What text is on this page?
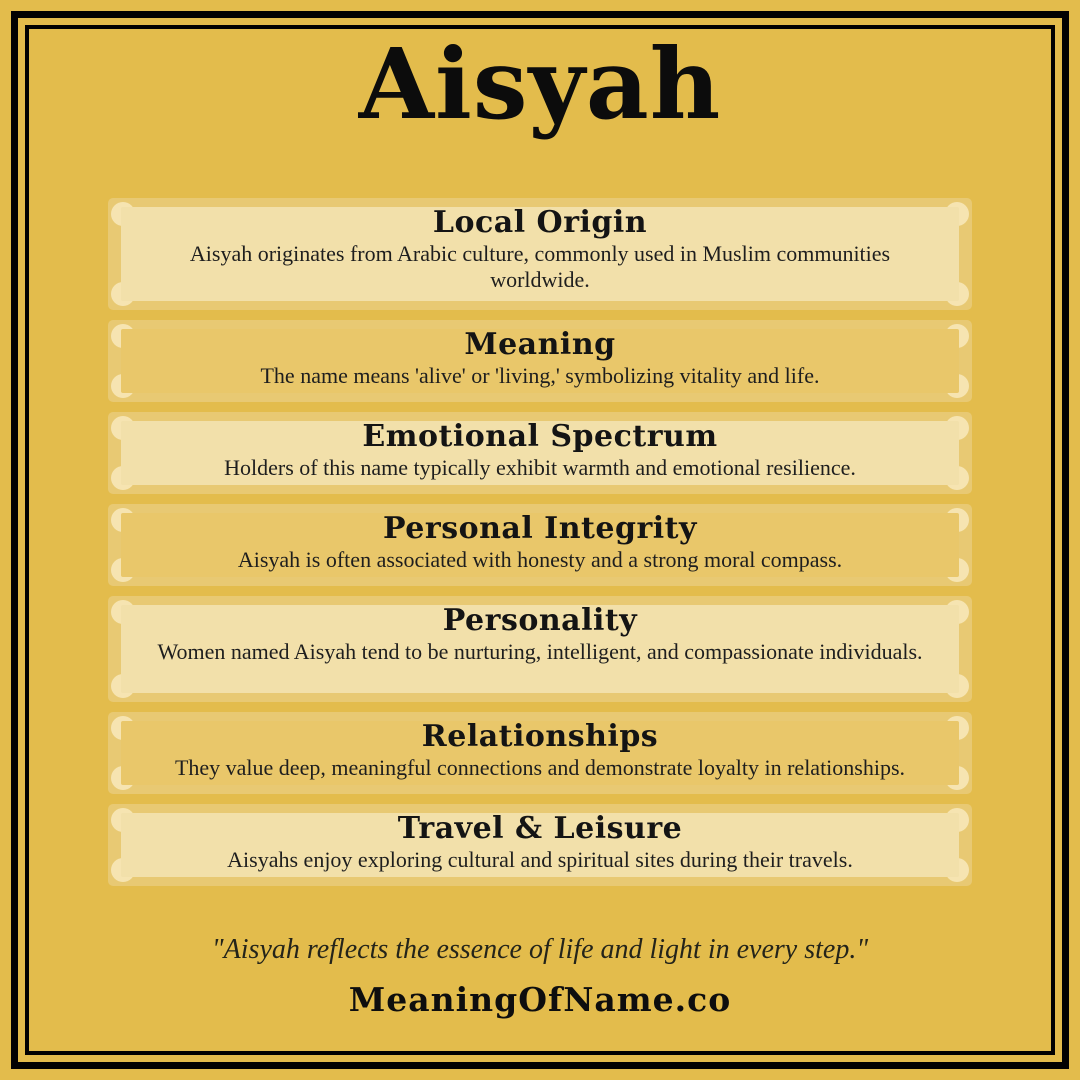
Aisyah
Local Origin
Aisyah originates from Arabic culture, commonly used in Muslim communities worldwide.
Meaning
The name means 'alive' or 'living,' symbolizing vitality and life.
Emotional Spectrum
Holders of this name typically exhibit warmth and emotional resilience.
Personal Integrity
Aisyah is often associated with honesty and a strong moral compass.
Personality
Women named Aisyah tend to be nurturing, intelligent, and compassionate individuals.
Relationships
They value deep, meaningful connections and demonstrate loyalty in relationships.
Travel & Leisure
Aisyahs enjoy exploring cultural and spiritual sites during their travels.
"Aisyah reflects the essence of life and light in every step."
MeaningOfName.co
